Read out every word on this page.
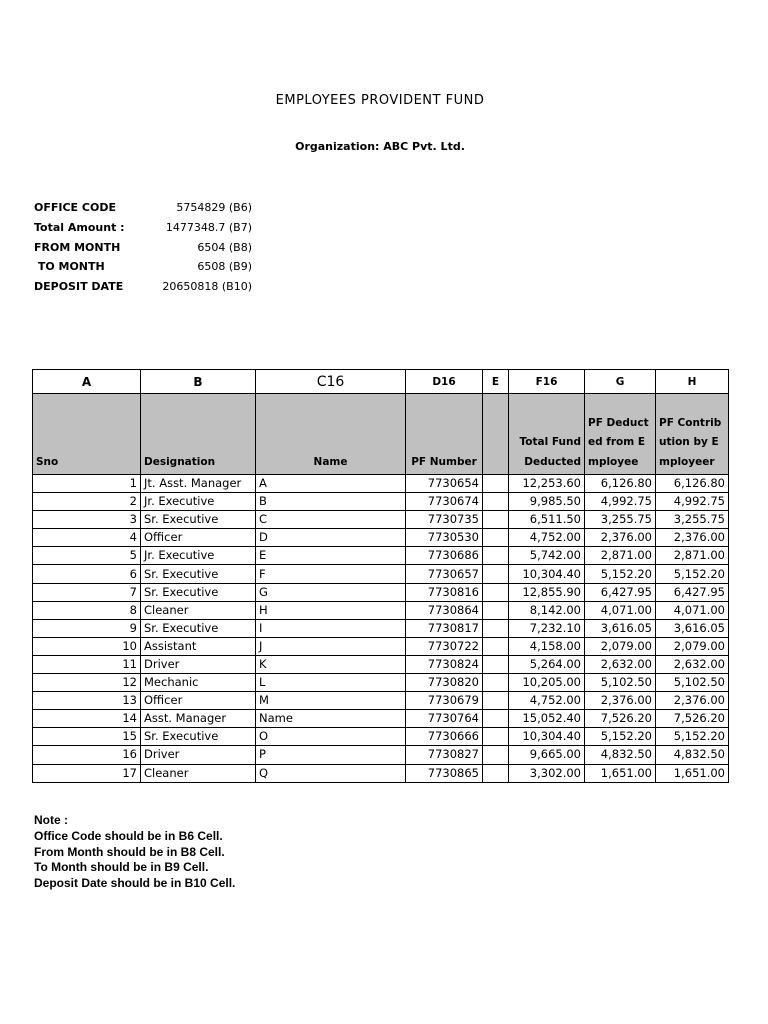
EMPLOYEES PROVIDENT FUND
Organization: ABC Pvt. Ltd.
OFFICE CODE	5754829 (B6)
Total Amount :	1477348.7 (B7)
FROM MONTH	6504 (B8)
TO MONTH	6508 (B9)
DEPOSIT DATE	20650818 (B10)
A	B	C16	D16	E	F16	G	H
Sno	Designation	Name	PF Number		Total Fund Deducted	PF Deducted from Employee	PF Contribution by Employeer
1	Jt. Asst. Manager	A	7730654		12,253.60	6,126.80	6,126.80
2	Jr. Executive	B	7730674		9,985.50	4,992.75	4,992.75
3	Sr. Executive	C	7730735		6,511.50	3,255.75	3,255.75
4	Officer	D	7730530		4,752.00	2,376.00	2,376.00
5	Jr. Executive	E	7730686		5,742.00	2,871.00	2,871.00
6	Sr. Executive	F	7730657		10,304.40	5,152.20	5,152.20
7	Sr. Executive	G	7730816		12,855.90	6,427.95	6,427.95
8	Cleaner	H	7730864		8,142.00	4,071.00	4,071.00
9	Sr. Executive	I	7730817		7,232.10	3,616.05	3,616.05
10	Assistant	J	7730722		4,158.00	2,079.00	2,079.00
11	Driver	K	7730824		5,264.00	2,632.00	2,632.00
12	Mechanic	L	7730820		10,205.00	5,102.50	5,102.50
13	Officer	M	7730679		4,752.00	2,376.00	2,376.00
14	Asst. Manager	Name	7730764		15,052.40	7,526.20	7,526.20
15	Sr. Executive	O	7730666		10,304.40	5,152.20	5,152.20
16	Driver	P	7730827		9,665.00	4,832.50	4,832.50
17	Cleaner	Q	7730865		3,302.00	1,651.00	1,651.00
Note :
Office Code should be in B6 Cell.
From Month should be in B8 Cell.
To Month should be in B9 Cell.
Deposit Date should be in B10 Cell.
